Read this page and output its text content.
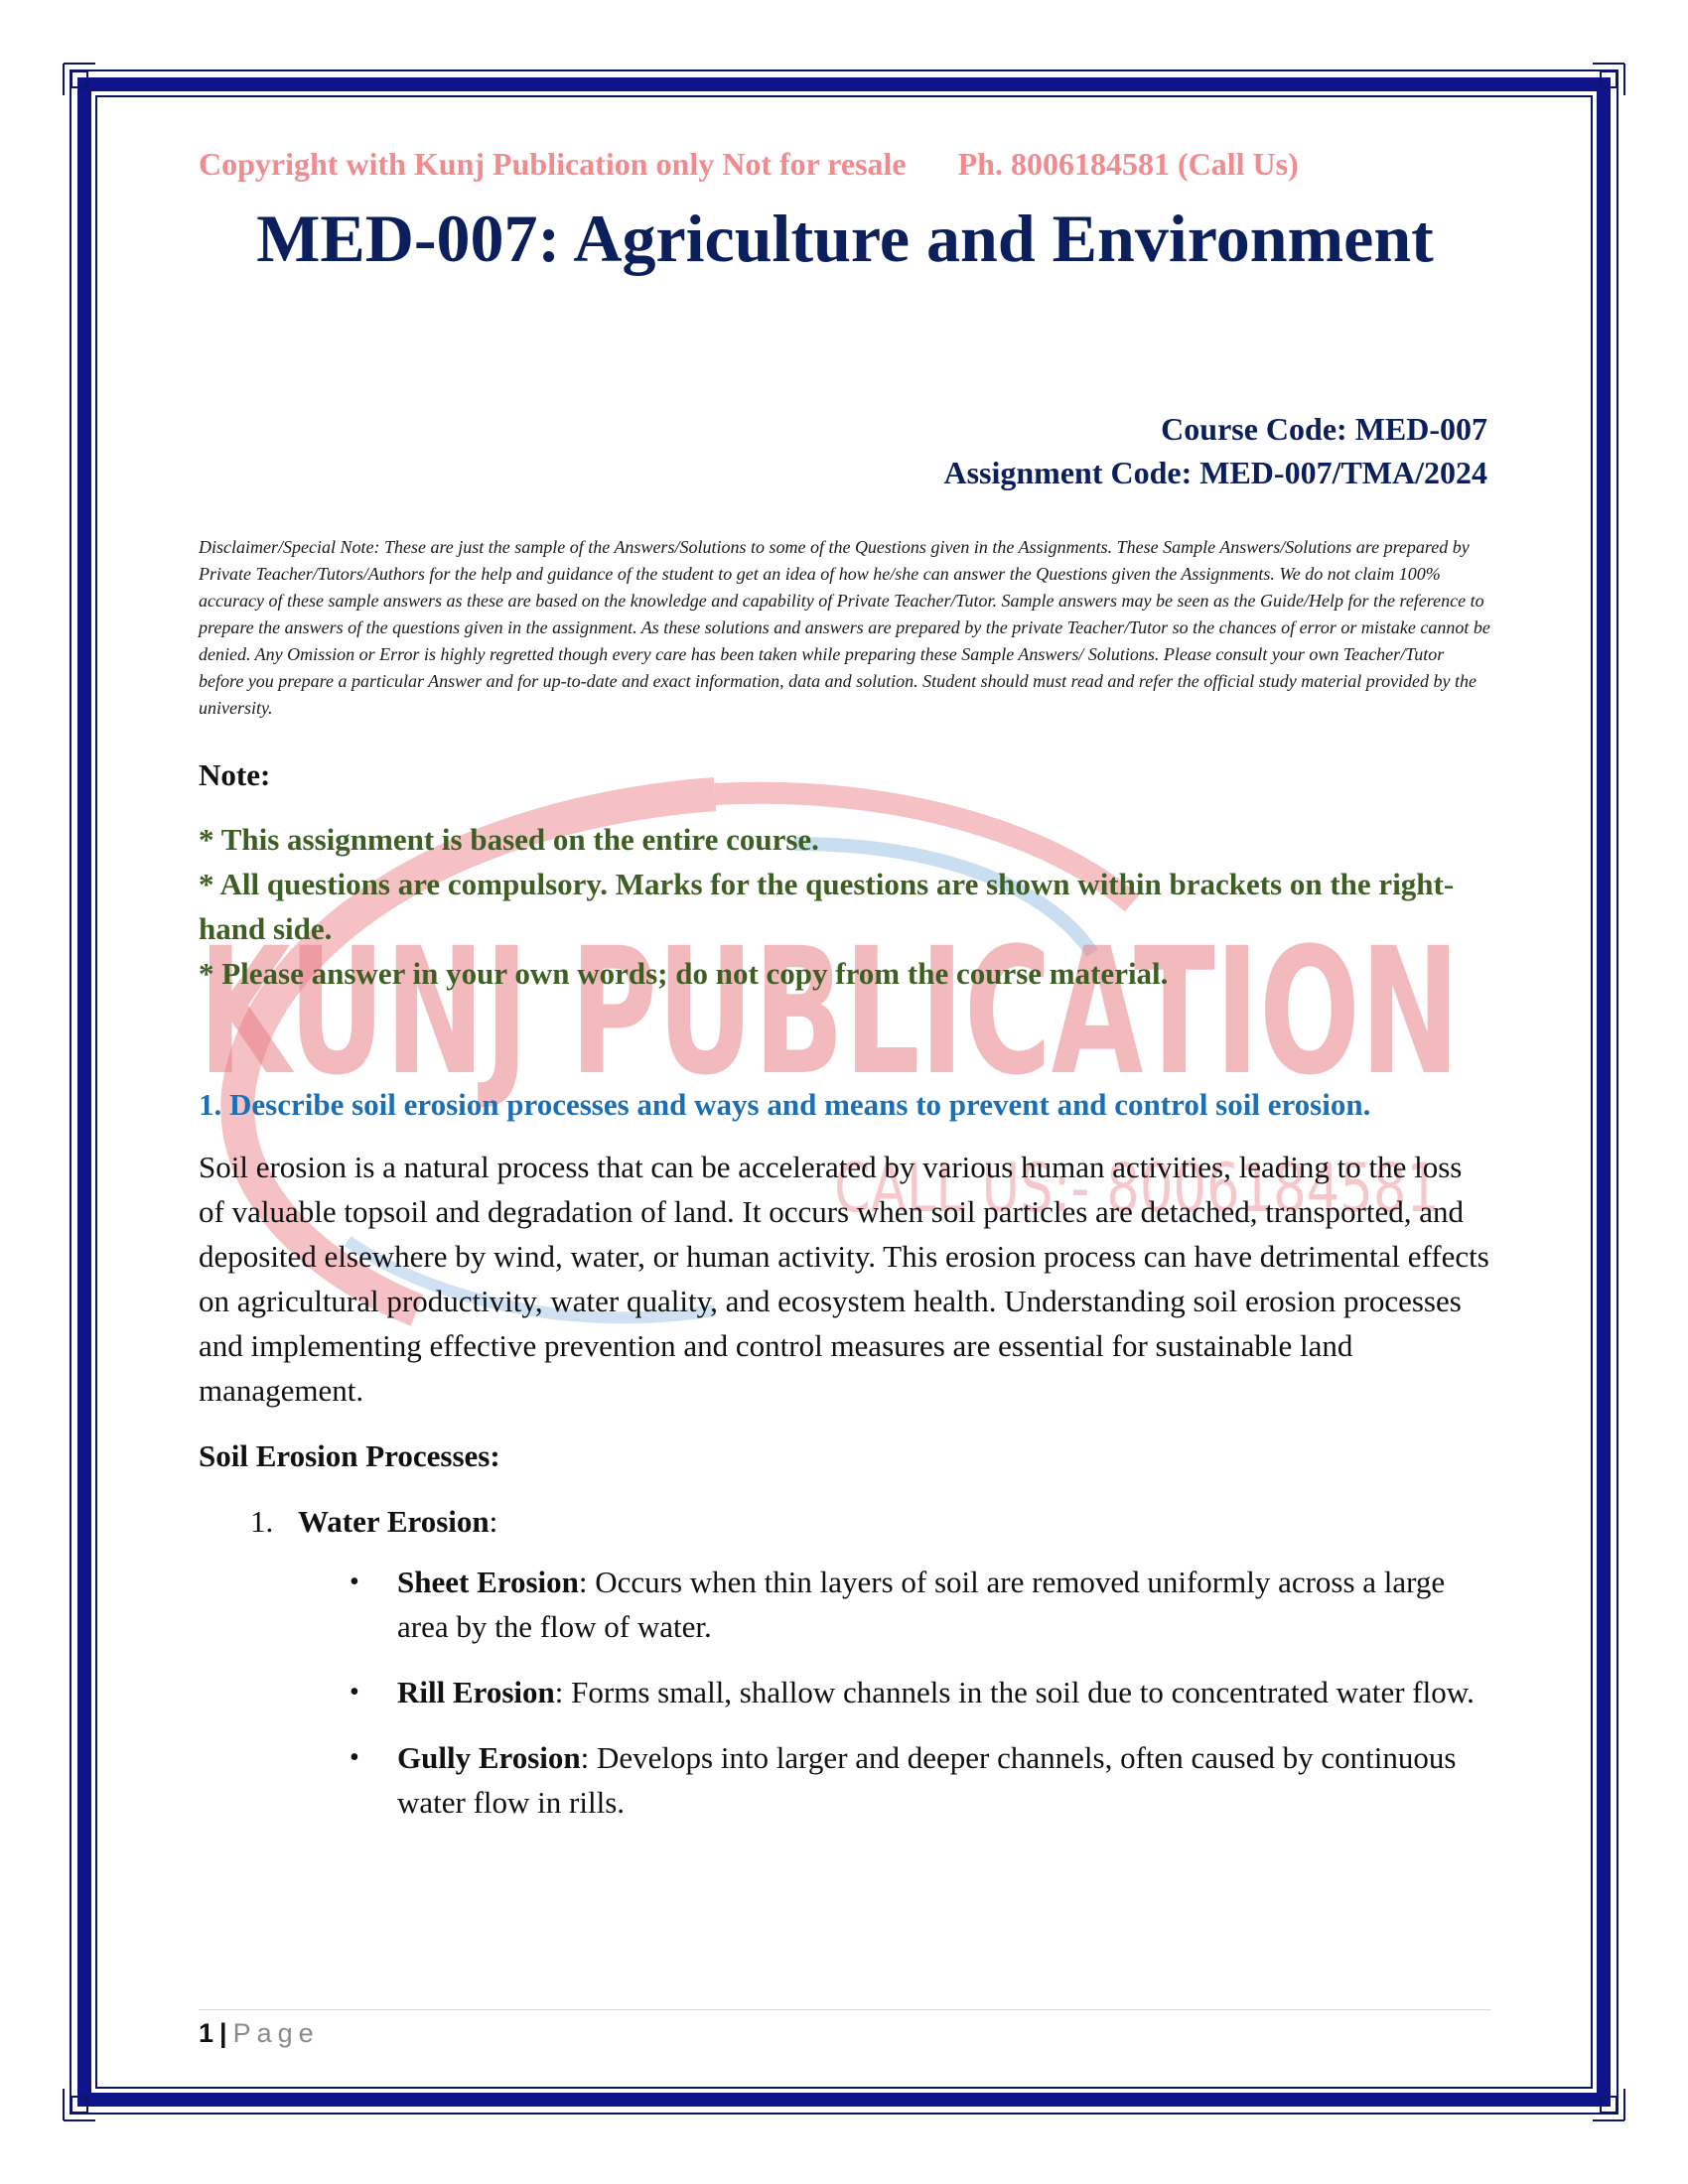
KUNJ PUBLICATION
CALL US:- 8006184581

Copyright with Kunj Publication only Not for resale Ph. 8006184581 (Call Us)

MED-007: Agriculture and Environment
Course Code: MED-007
Assignment Code: MED-007/TMA/2024
Disclaimer/Special Note: These are just the sample of the Answers/Solutions to some of the Questions given in the Assignments. These Sample Answers/Solutions are prepared by Private Teacher/Tutors/Authors for the help and guidance of the student to get an idea of how he/she can answer the Questions given the Assignments. We do not claim 100% accuracy of these sample answers as these are based on the knowledge and capability of Private Teacher/Tutor. Sample answers may be seen as the Guide/Help for the reference to prepare the answers of the questions given in the assignment. As these solutions and answers are prepared by the private Teacher/Tutor so the chances of error or mistake cannot be denied. Any Omission or Error is highly regretted though every care has been taken while preparing these Sample Answers/ Solutions. Please consult your own Teacher/Tutor before you prepare a particular Answer and for up-to-date and exact information, data and solution. Student should must read and refer the official study material provided by the university.
Note:
* This assignment is based on the entire course.
* All questions are compulsory. Marks for the questions are shown within brackets on the right-hand side.
* Please answer in your own words; do not copy from the course material.
1. Describe soil erosion processes and ways and means to prevent and control soil erosion.
Soil erosion is a natural process that can be accelerated by various human activities, leading to the loss of valuable topsoil and degradation of land. It occurs when soil particles are detached, transported, and deposited elsewhere by wind, water, or human activity. This erosion process can have detrimental effects on agricultural productivity, water quality, and ecosystem health. Understanding soil erosion processes and implementing effective prevention and control measures are essential for sustainable land management.
Soil Erosion Processes:
1. Water Erosion:
•	Sheet Erosion: Occurs when thin layers of soil are removed uniformly across a large area by the flow of water.
•	Rill Erosion: Forms small, shallow channels in the soil due to concentrated water flow.
•	Gully Erosion: Develops into larger and deeper channels, often caused by continuous water flow in rills.
1 | Page
